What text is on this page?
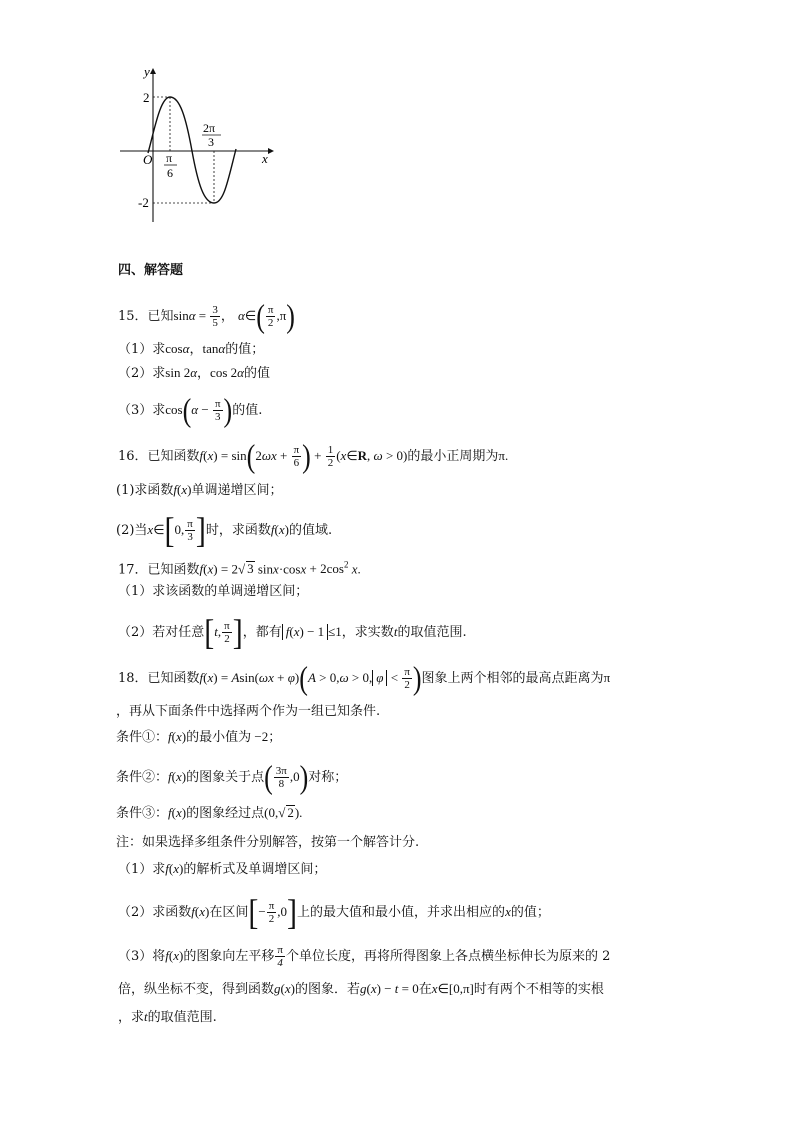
y
x
O
2
-2
π
6
2π
3
四、解答题
15．已知$\sin\alpha = \frac{3}{5}$ ， α∈( $\frac{\pi}{2} ,\pi$)
（1）求cosα，tanα的值；
（2）求sin 2α，cos 2α的值
（3）求$\cos(\alpha - \frac{\pi}{3}$ )的值.
16．已知函数$f(x) = \sin(2\omega x + \frac{\pi}{6}$ ) + $\frac{1}{2}$ (x∈R, ω > 0)的最小正周期为π.
(1)求函数f(x)单调递增区间；
(2)当x∈[0, $\frac{\pi}{3}$ ]时，求函数f(x)的值域.
17．已知函数f(x) = 2√ 3 $\sin x\cdot\cos x + 2\cos^2$ x.
（1）求该函数的单调递增区间；
（2）若对任意[t, $\frac{\pi}{2}$ ]，都有 f(x) − 1 ≤1，求实数t的取值范围.
18．已知函数f(x) = Asin(ωx + φ)(A > 0,ω > 0, $\varphi < \frac{\pi}{2}$ )图象上两个相邻的最高点距离为π
，再从下面条件中选择两个作为一组已知条件.
条件①：f(x)的最小值为 −2；
条件②：f(x)的图象关于点( $\frac{3\pi}{8} ,0$)对称；
条件③：f(x)的图象经过点(0,√ 2).
注：如果选择多组条件分别解答，按第一个解答计分.
（1）求f(x)的解析式及单调增区间；
（2）求函数f(x)在区间[− $\frac{\pi}{2} ,0$]上的最大值和最小值，并求出相应的x的值；
（3）将f(x)的图象向左平移 $\frac{\pi}{4}$ 个单位长度，再将所得图象上各点横坐标伸长为原来的 2
倍，纵坐标不变，得到函数g(x)的图象．若g(x) − t = 0在x∈[0,π]时有两个不相等的实根
，求t的取值范围.
